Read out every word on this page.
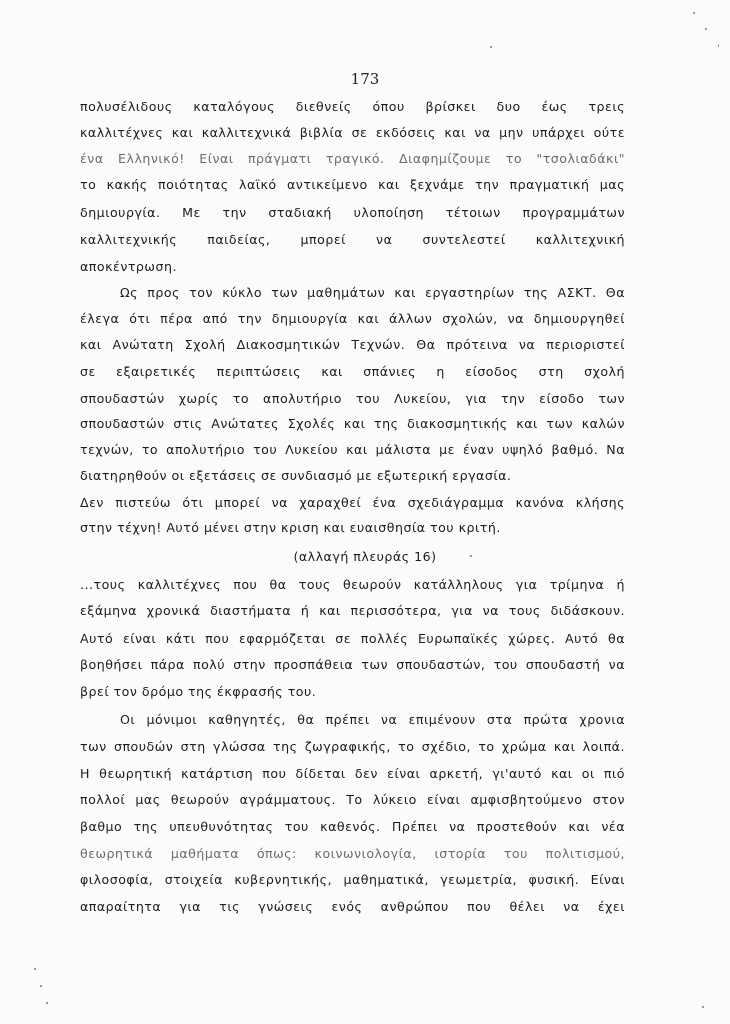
173
πολυσέλιδους καταλόγους διεθνείς όπου βρίσκει δυο έως τρεις
καλλιτέχνες και καλλιτεχνικά βιβλία σε εκδόσεις και να μην υπάρχει ούτε
ένα Ελληνικό! Είναι πράγματι τραγικό. Διαφημίζουμε το "τσολιαδάκι"
το κακής ποιότητας λαϊκό αντικείμενο και ξεχνάμε την πραγματική μας
δημιουργία. Με την σταδιακή υλοποίηση τέτοιων προγραμμάτων
καλλιτεχνικής παιδείας, μπορεί να συντελεστεί καλλιτεχνική
αποκέντρωση.
Ως προς τον κύκλο των μαθημάτων και εργαστηρίων της ΑΣΚΤ. Θα
έλεγα ότι πέρα από την δημιουργία και άλλων σχολών, να δημιουργηθεί
και Ανώτατη Σχολή Διακοσμητικών Τεχνών. Θα πρότεινα να περιοριστεί
σε εξαιρετικές περιπτώσεις και σπάνιες η είσοδος στη σχολή
σπουδαστών χωρίς το απολυτήριο του Λυκείου, για την είσοδο των
σπουδαστών στις Ανώτατες Σχολές και της διακοσμητικής και των καλών
τεχνών, το απολυτήριο του Λυκείου και μάλιστα με έναν υψηλό βαθμό. Να
διατηρηθούν οι εξετάσεις σε συνδιασμό με εξωτερική εργασία.
Δεν πιστεύω ότι μπορεί να χαραχθεί ένα σχεδιάγραμμα κανόνα κλήσης
στην τέχνη! Αυτό μένει στην κριση και ευαισθησία του κριτή.
(αλλαγή πλευράς 16)
...τους καλλιτέχνες που θα τους θεωρούν κατάλληλους για τρίμηνα ή
εξάμηνα χρονικά διαστήματα ή και περισσότερα, για να τους διδάσκουν.
Αυτό είναι κάτι που εφαρμόζεται σε πολλές Ευρωπαϊκές χώρες. Αυτό θα
βοηθήσει πάρα πολύ στην προσπάθεια των σπουδαστών, του σπουδαστή να
βρεί τον δρόμο της έκφρασής του.
Οι μόνιμοι καθηγητές, θα πρέπει να επιμένουν στα πρώτα χρονια
των σπουδών στη γλώσσα της ζωγραφικής, το σχέδιο, το χρώμα και λοιπά.
Η θεωρητική κατάρτιση που δίδεται δεν είναι αρκετή, γι'αυτό και οι πιό
πολλοί μας θεωρούν αγράμματους. Το λύκειο είναι αμφισβητούμενο στον
βαθμο της υπευθυνότητας του καθενός. Πρέπει να προστεθούν και νέα
θεωρητικά μαθήματα όπως: κοινωνιολογία, ιστορία του πολιτισμού,
φιλοσοφία, στοιχεία κυβερνητικής, μαθηματικά, γεωμετρία, φυσική. Είναι
απαραίτητα για τις γνώσεις ενός ανθρώπου που θέλει να έχει
